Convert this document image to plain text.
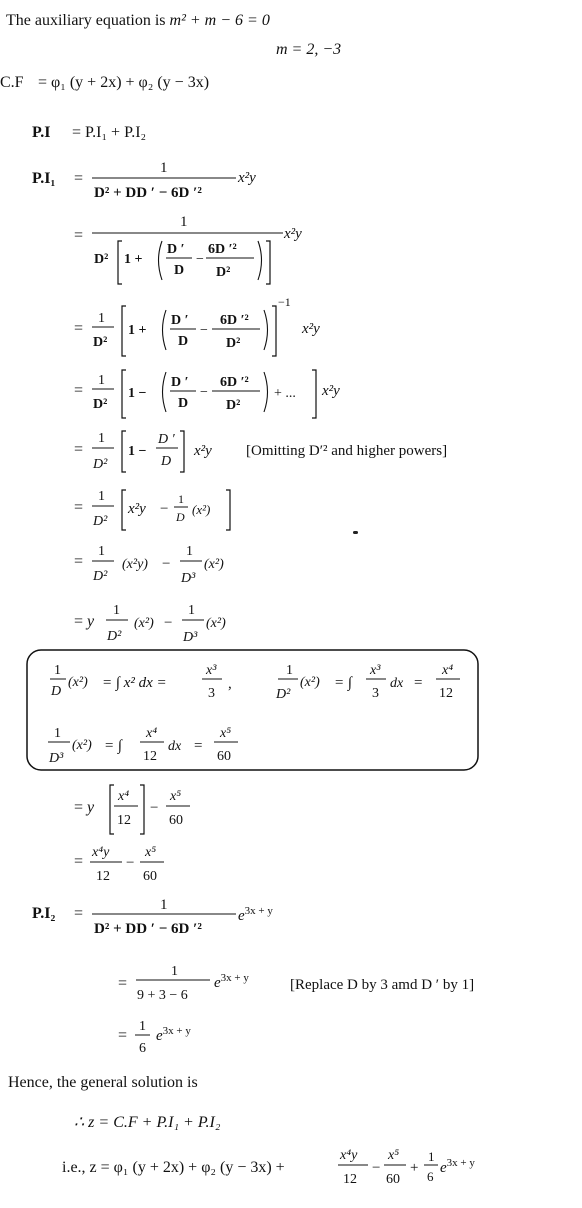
The auxiliary equation is m² + m − 6 = 0
m = 2, −3
C.F = φ₁ (y + 2x) + φ₂ (y − 3x)
P.I = P.I₁ + P.I₂
P.I₁ =
1
D² + DD ′ − 6D ′²
x²y
=
1
D² 1 +
D ′
D
−
6D ′²
D²
x²y
=
1
D²
1 +
D ′
D
−
6D ′²
D²
−1
x²y
=
1
D²
1 −
D ′
D
−
6D ′²
D²
+ ... x²y
=
1
D²
1 −
D ′
D
x²y [Omitting D′² and higher powers]
=
1
D²
x²y −
1
D (x²)
=
1
D²
(x²y) −
1
D³
(x²)
= y
1
D²
(x²) −
1
D³
(x²)
1
D
(x²) = ∫ x² dx =
x³
3
,
1
D²
(x²) = ∫
x³
3
dx =
x⁴
12
1
D³
(x²) = ∫
x⁴
12
dx =
x⁵
60
= y
x⁴
12
−
x⁵
60
=
x⁴y
12
−
x⁵
60
P.I₂ =	1
D² + DD ′ − 6D ′²
$e^{3x + y}$
=
1
9 + 3 − 6
$e^{3x + y}$	[Replace D by 3 amd D ′ by 1]
=
1
6
$e^{3x + y}$
Hence, the general solution is
∴ z = C.F + P.I₁ + P.I₂
i.e., z = φ₁ (y + 2x) + φ₂ (y − 3x) +
x⁴y
12
−
x⁵
60
+
1
6
$e^{3x + y}$
